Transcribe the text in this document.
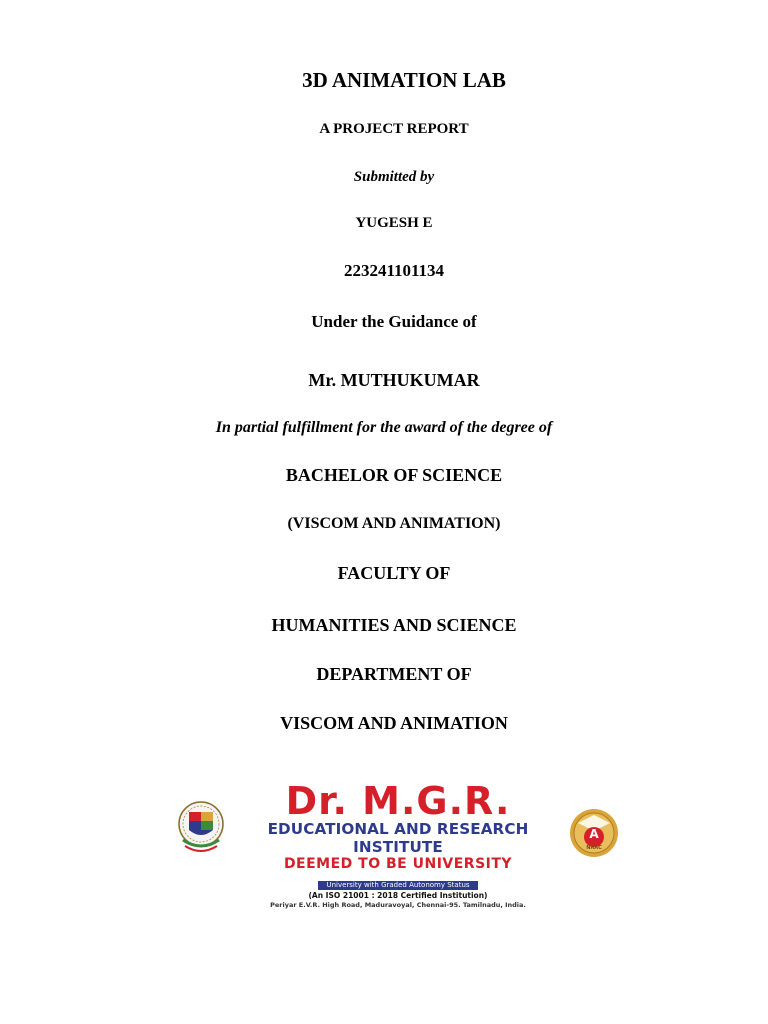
3D ANIMATION LAB
A PROJECT REPORT
Submitted by
YUGESH E
223241101134
Under the Guidance of
Mr. MUTHUKUMAR
In partial fulfillment for the award of the degree of
BACHELOR OF SCIENCE
(VISCOM AND ANIMATION)
FACULTY OF
HUMANITIES AND SCIENCE
DEPARTMENT OF
VISCOM AND ANIMATION
Dr. M.G.R.
EDUCATIONAL AND RESEARCH INSTITUTE
DEEMED TO BE UNIVERSITY
University with Graded Autonomy Status
(An ISO 21001 : 2018 Certified Institution)
Periyar E.V.R. High Road, Maduravoyal, Chennai-95. Tamilnadu, India.
A
NAAC
